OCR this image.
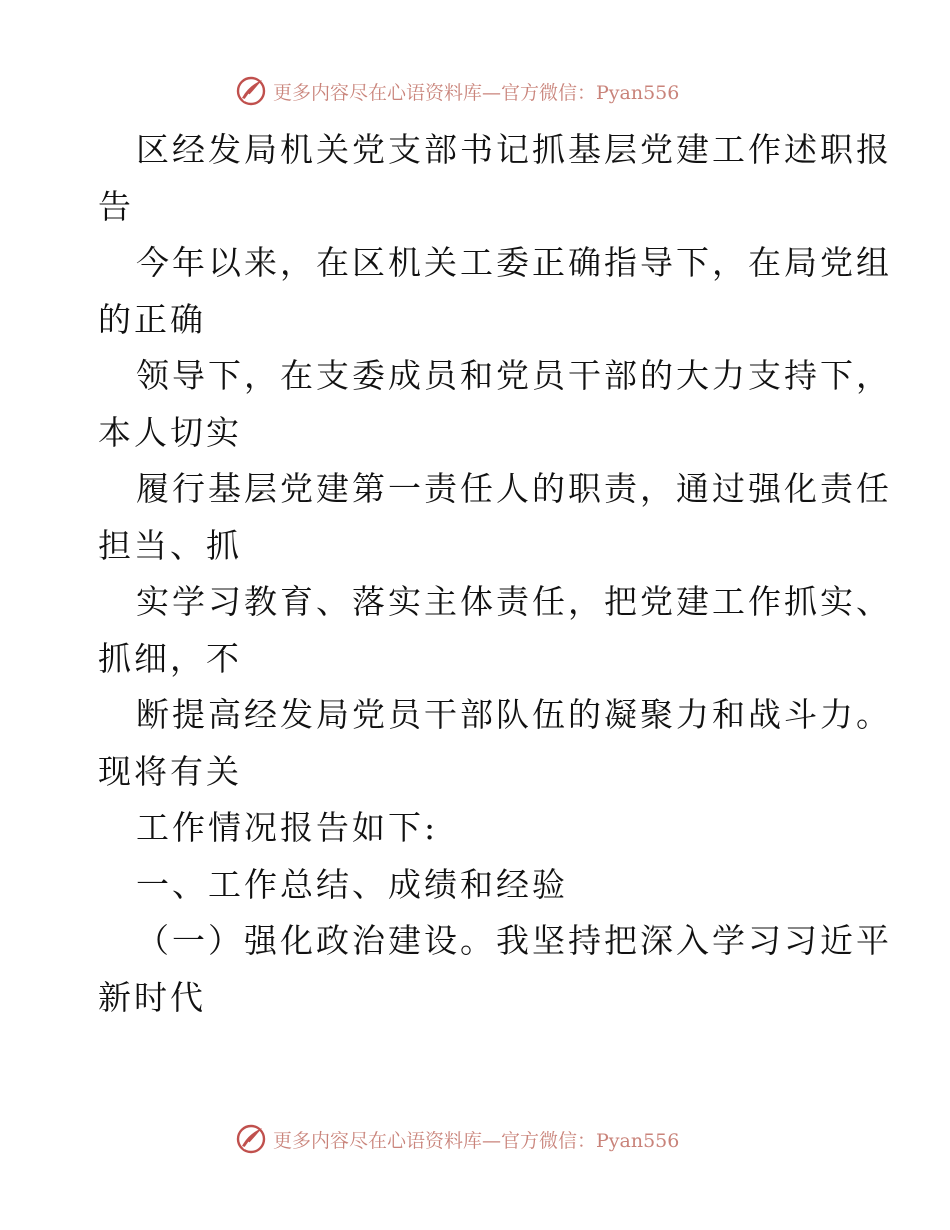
更多内容尽在心语资料库—官方微信：Pyan556
区经发局机关党支部书记抓基层党建工作述职报
告
今年以来，在区机关工委正确指导下，在局党组
的正确
领导下，在支委成员和党员干部的大力支持下，
本人切实
履行基层党建第一责任人的职责，通过强化责任
担当、抓
实学习教育、落实主体责任，把党建工作抓实、
抓细，不
断提高经发局党员干部队伍的凝聚力和战斗力。
现将有关
工作情况报告如下:
一、工作总结、成绩和经验
（一）强化政治建设。我坚持把深入学习习近平
新时代
更多内容尽在心语资料库—官方微信：Pyan556
